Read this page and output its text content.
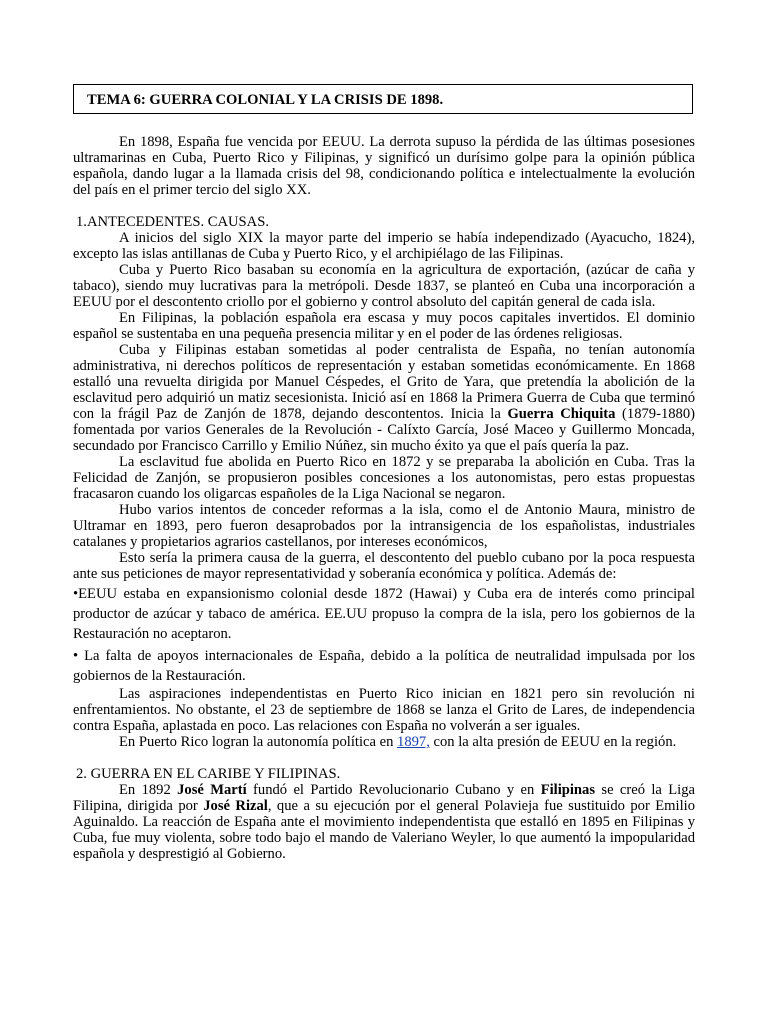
TEMA 6: GUERRA COLONIAL Y LA CRISIS DE 1898.

En 1898, España fue vencida por EEUU. La derrota supuso la pérdida de las últimas posesiones ultramarinas en Cuba, Puerto Rico y Filipinas, y significó un durísimo golpe para la opinión pública española, dando lugar a la llamada crisis del 98, condicionando política e intelectualmente la evolución del país en el primer tercio del siglo XX.

1.ANTECEDENTES. CAUSAS.

A inicios del siglo XIX la mayor parte del imperio se había independizado (Ayacucho, 1824), excepto las islas antillanas de Cuba y Puerto Rico, y el archipiélago de las Filipinas.

Cuba y Puerto Rico basaban su economía en la agricultura de exportación, (azúcar de caña y tabaco), siendo muy lucrativas para la metrópoli. Desde 1837, se planteó en Cuba una incorporación a EEUU por el descontento criollo por el gobierno y control absoluto del capitán general de cada isla.

En Filipinas, la población española era escasa y muy pocos capitales invertidos. El dominio español se sustentaba en una pequeña presencia militar y en el poder de las órdenes religiosas.

Cuba y Filipinas estaban sometidas al poder centralista de España, no tenían autonomía administrativa, ni derechos políticos de representación y estaban sometidas económicamente. En 1868 estalló una revuelta dirigida por Manuel Céspedes, el Grito de Yara, que pretendía la abolición de la esclavitud pero adquirió un matiz secesionista. Inició así en 1868 la Primera Guerra de Cuba que terminó con la frágil Paz de Zanjón de 1878, dejando descontentos. Inicia la Guerra Chiquita (1879-1880) fomentada por varios Generales de la Revolución - Calíxto García, José Maceo y Guillermo Moncada, secundado por Francisco Carrillo y Emilio Núñez, sin mucho éxito ya que el país quería la paz.

La esclavitud fue abolida en Puerto Rico en 1872 y se preparaba la abolición en Cuba. Tras la Felicidad de Zanjón, se propusieron posibles concesiones a los autonomistas, pero estas propuestas fracasaron cuando los oligarcas españoles de la Liga Nacional se negaron.

Hubo varios intentos de conceder reformas a la isla, como el de Antonio Maura, ministro de Ultramar en 1893, pero fueron desaprobados por la intransigencia de los españolistas, industriales catalanes y propietarios agrarios castellanos, por intereses económicos,

Esto sería la primera causa de la guerra, el descontento del pueblo cubano por la poca respuesta ante sus peticiones de mayor representatividad y soberanía económica y política. Además de:

•EEUU estaba en expansionismo colonial desde 1872 (Hawai) y Cuba era de interés como principal productor de azúcar y tabaco de américa. EE.UU propuso la compra de la isla, pero los gobiernos de la Restauración no aceptaron.

• La falta de apoyos internacionales de España, debido a la política de neutralidad impulsada por los gobiernos de la Restauración.

Las aspiraciones independentistas en Puerto Rico inician en 1821 pero sin revolución ni enfrentamientos. No obstante, el 23 de septiembre de 1868 se lanza el Grito de Lares, de independencia contra España, aplastada en poco. Las relaciones con España no volverán a ser iguales.

En Puerto Rico logran la autonomía política en 1897, con la alta presión de EEUU en la región.

2. GUERRA EN EL CARIBE Y FILIPINAS.

En 1892 José Martí fundó el Partido Revolucionario Cubano y en Filipinas se creó la Liga Filipina, dirigida por José Rizal, que a su ejecución por el general Polavieja fue sustituido por Emilio Aguinaldo. La reacción de España ante el movimiento independentista que estalló en 1895 en Filipinas y Cuba, fue muy violenta, sobre todo bajo el mando de Valeriano Weyler, lo que aumentó la impopularidad española y desprestigió al Gobierno.
